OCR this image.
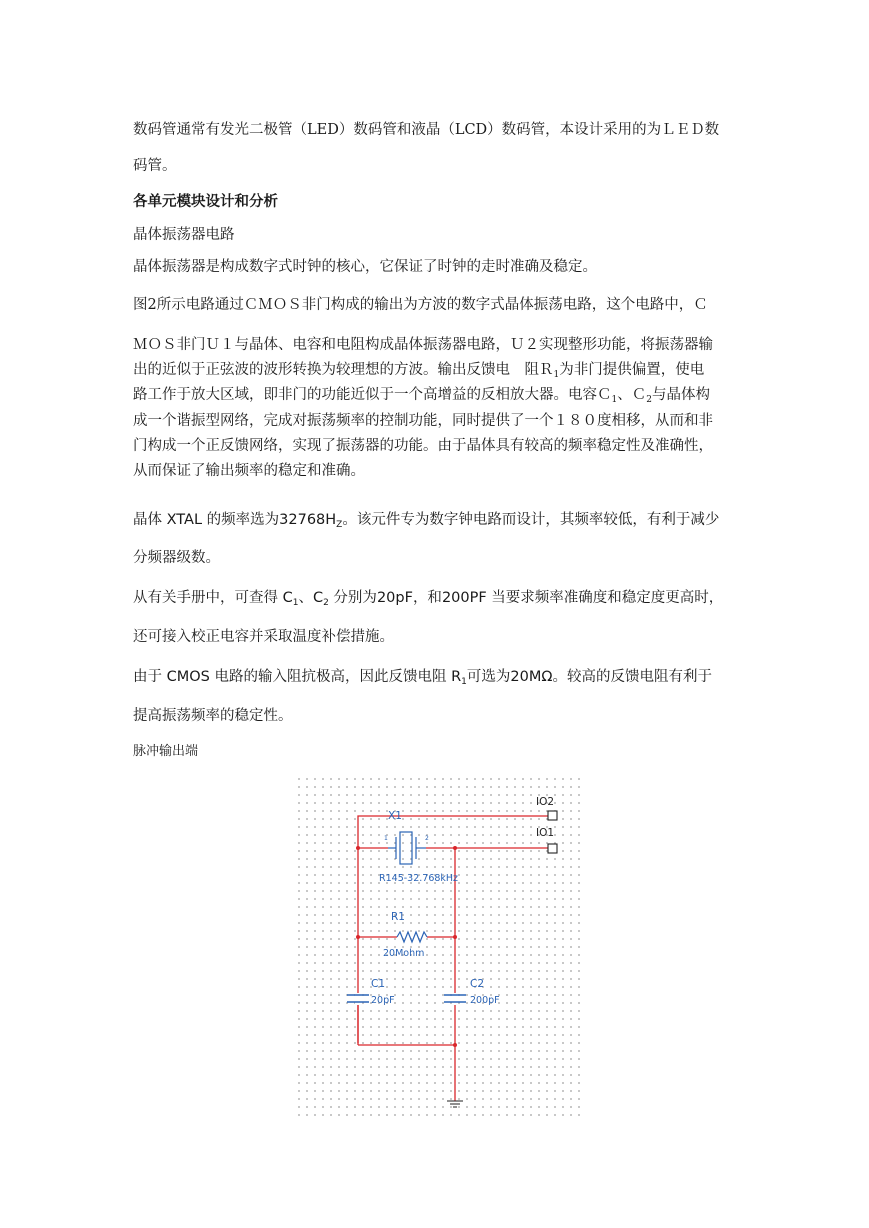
数码管通常有发光二极管（LED）数码管和液晶（LCD）数码管，本设计采用的为ＬＥＤ数

码管。

各单元模块设计和分析

晶体振荡器电路

晶体振荡器是构成数字式时钟的核心，它保证了时钟的走时准确及稳定。

图2所示电路通过ＣＭＯＳ非门构成的输出为方波的数字式晶体振荡电路，这个电路中，Ｃ

ＭＯＳ非门Ｕ１与晶体、电容和电阻构成晶体振荡器电路，Ｕ２实现整形功能，将振荡器输

出的近似于正弦波的波形转换为较理想的方波。输出反馈电　阻Ｒ$_1$为非门提供偏置，使电

路工作于放大区域，即非门的功能近似于一个高增益的反相放大器。电容Ｃ$_1$、Ｃ$_2$与晶体构

成一个谐振型网络，完成对振荡频率的控制功能，同时提供了一个１８０度相移，从而和非

门构成一个正反馈网络，实现了振荡器的功能。由于晶体具有较高的频率稳定性及准确性，

从而保证了输出频率的稳定和准确。

晶体 XTAL 的频率选为$32768H_Z$。该元件专为数字钟电路而设计，其频率较低，有利于减少

分频器级数。

从有关手册中，可查得 $C_1$、$C_2$ 分别为20pF，和200PF 当要求频率准确度和稳定度更高时，

还可接入校正电容并采取温度补偿措施。

由于 CMOS 电路的输入阻抗极高，因此反馈电阻 $R_1$可选为20MΩ。较高的反馈电阻有利于

提高振荡频率的稳定性。

脉冲输出端

X1
1	2
R145-32.768kHz
R1
20Mohm
C1
20pF
C2
200pF
IO2
IO1
